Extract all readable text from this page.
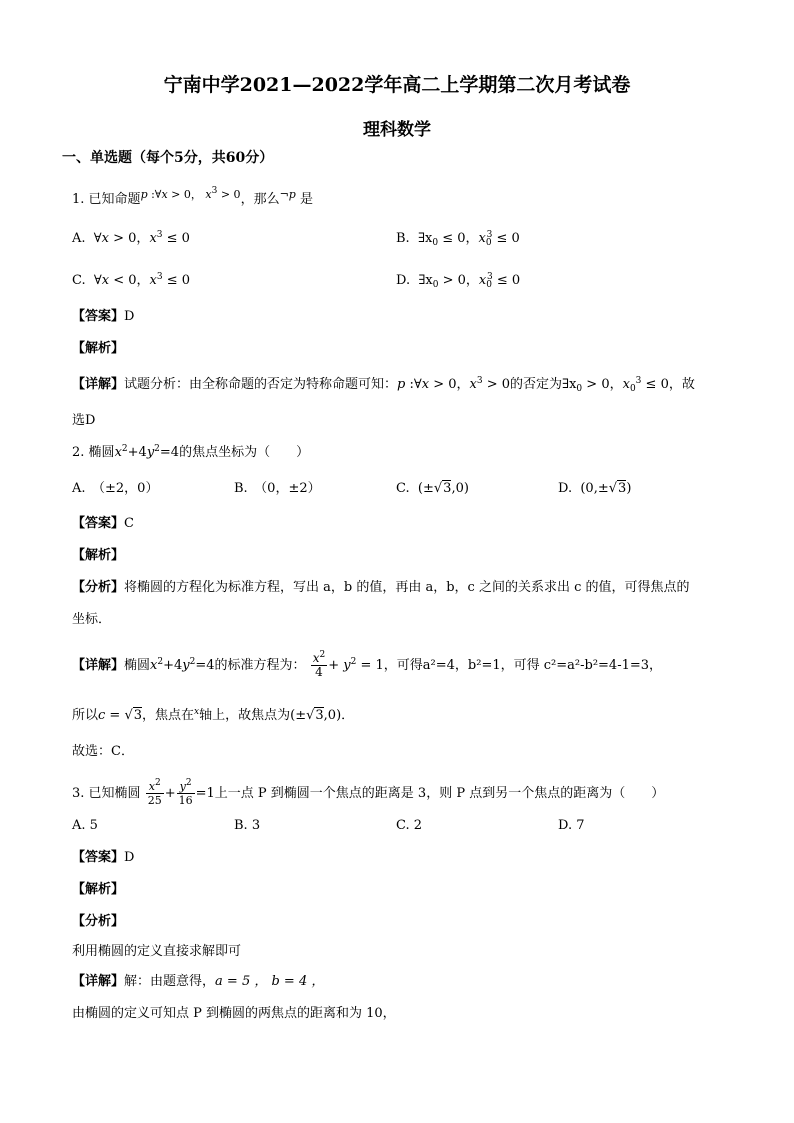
宁南中学2021—2022学年高二上学期第二次月考试卷
理科数学
一、单选题（每个5分，共60分）
1. 已知命题$^{p :\forall x > 0, x^3 > 0}$，那么$^{\neg p}$ 是
A.  ∀x > 0，$x^3 \le 0$	B.  $\exists x_0 \le 0$，$x_0^3 \le 0$
C.  ∀x < 0，$x^3 \le 0$	D.  $\exists x_0 > 0$，$x_0^3 \le 0$
【答案】D
【解析】
【详解】试题分析：由全称命题的否定为特称命题可知：p :∀x > 0，$x^3 > 0$的否定为$\exists x_0 > 0$，$x_0^3 \le 0$，故
选D
2. 椭圆$x^2+4y^2=4$的焦点坐标为（　　）
A.　（±2，0）	B.　（0，±2）	C.  (±√3,0)	D.  (0,±√3)
【答案】C
【解析】
【分析】将椭圆的方程化为标准方程，写出 a，b 的值，再由 a，b，c 之间的关系求出 c 的值，可得焦点的
坐标．
【详解】椭圆$x^2+4y^2=4$的标准方程为： $\frac{x^2}{4} + y^2 = 1$，可得a²=4，b²=1，可得 c²=a²-b²=4-1=3，
所以c = √3，焦点在$^x$轴上，故焦点为(±√3,0)．
故选：C．
3. 已知椭圆 $\frac{x^2}{25} + \frac{y^2}{16} =1$上一点 P 到椭圆一个焦点的距离是 3，则 P 点到另一个焦点的距离为（　　）
A. 5	B. 3	C. 2	D. 7
【答案】D
【解析】
【分析】
利用椭圆的定义直接求解即可
【详解】解：由题意得，a = 5 ， b = 4 ，
由椭圆的定义可知点 P 到椭圆的两焦点的距离和为 10，
